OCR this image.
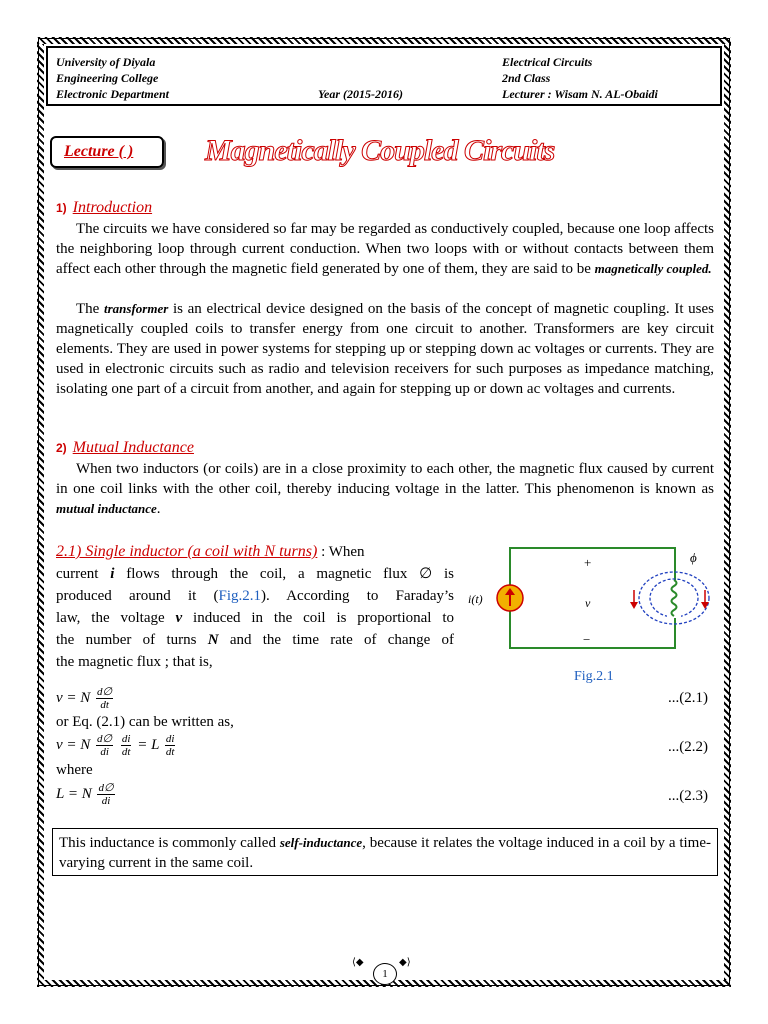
University of Diyala
Engineering College
Electronic Department	Year (2015-2016)
Electrical Circuits
2nd Class
Lecturer : Wisam N. AL-Obaidi
Lecture ( ) Magnetically Coupled Circuits
1) Introduction
The circuits we have considered so far may be regarded as conductively coupled, because one loop affects the neighboring loop through current conduction. When two loops with or without contacts between them affect each other through the magnetic field generated by one of them, they are said to be magnetically coupled.
The transformer is an electrical device designed on the basis of the concept of magnetic coupling. It uses magnetically coupled coils to transfer energy from one circuit to another. Transformers are key circuit elements. They are used in power systems for stepping up or stepping down ac voltages or currents. They are used in electronic circuits such as radio and television receivers for such purposes as impedance matching, isolating one part of a circuit from another, and again for stepping up or down ac voltages and currents.
2) Mutual Inductance
When two inductors (or coils) are in a close proximity to each other, the magnetic flux caused by current in one coil links with the other coil, thereby inducing voltage in the latter. This phenomenon is known as mutual inductance.
2.1) Single inductor (a coil with N turns) : When
current i flows through the coil, a magnetic flux ∅ is
produced around it (Fig.2.1). According to Faraday’s
law, the voltage v induced in the coil is proportional to
the number of turns N and the time rate of change of
the magnetic flux ; that is,
i(t)
+
v
−
ϕ
Fig.2.1
v = N $\frac{d\emptyset}{dt}$	...(2.1)
or Eq. (2.1) can be written as,
v = N $\frac{d\emptyset}{di}$
$\frac{di}{dt} = L \frac{di}{dt}$	...(2.2)
where
L = N $\frac{d\emptyset}{di}$	...(2.3)
This inductance is commonly called self-inductance, because it relates the voltage induced in a coil by a time-varying current in the same coil.
⟨◆
1
◆⟩
